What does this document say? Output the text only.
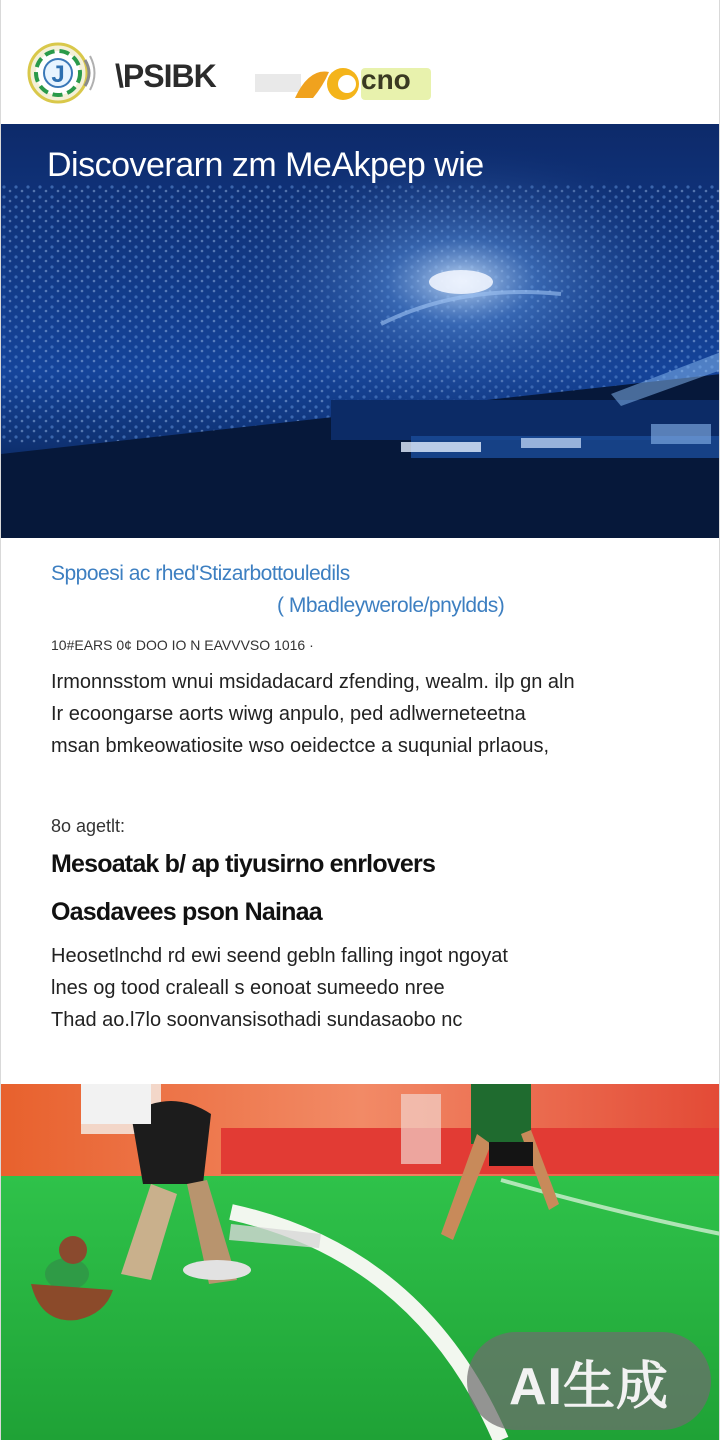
J \PSIBK	cno
Discoverarn zm MeAkpep wie
Sppoesi ac rhed'Stizarbottouledils
( Mbadleywerole/pnyldds)
10#EARS 0¢ DOO IO N EAVVVSO 1016 ·

Irmonnsstom wnui msidadacard zfending, wealm. ilp gn aln

Ir ecoongarse aorts wiwg anpulo, ped adlwerneteetna

msan bmkeowatiosite wso oeidectce a suqunial prlaous,

8o agetlt:
Mesoatak b/ ap tiyusirno enrlovers
Oasdavees pson Nainaa

Heosetlnchd rd ewi seend gebln falling ingot ngoyat

lnes og tood craleall s eonoat sumeedo nree

Thad ao.l7lo soonvansisothadi sundasaobo nc

AI生成
